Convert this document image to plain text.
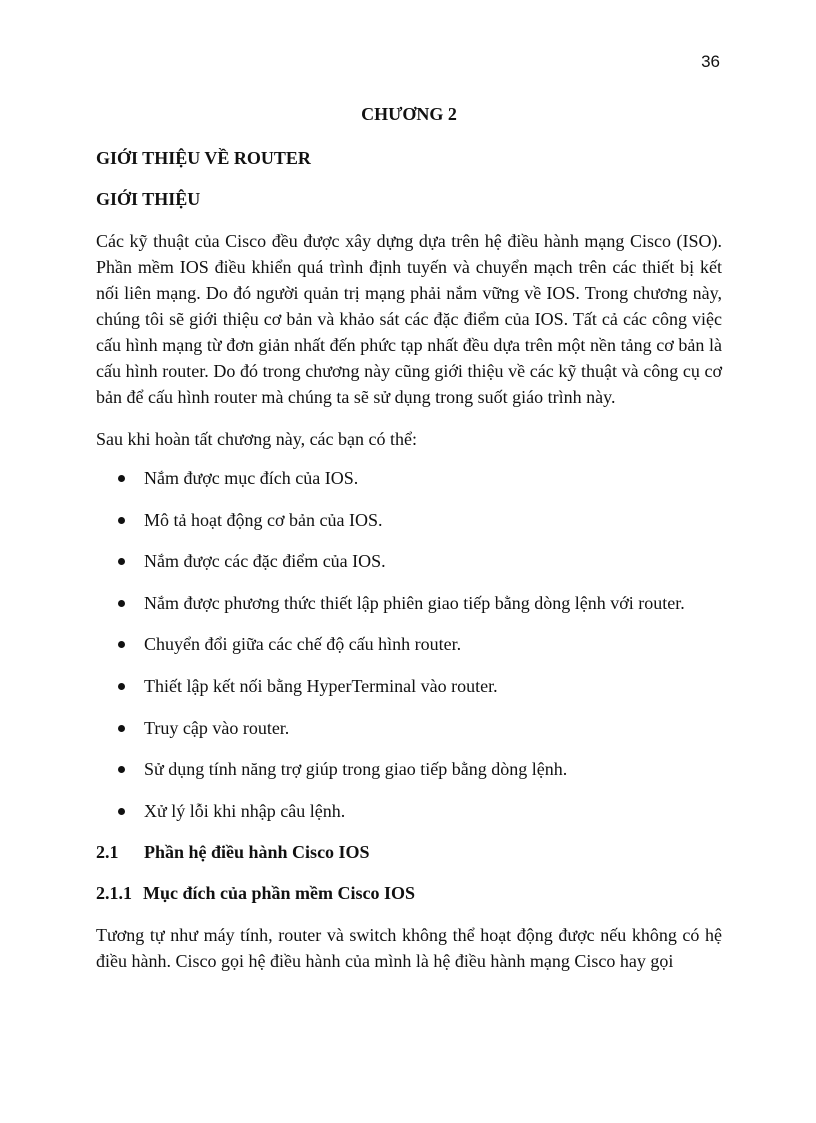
36
CHƯƠNG 2
GIỚI THIỆU VỀ ROUTER
GIỚI THIỆU

Các kỹ thuật của Cisco đều được xây dựng dựa trên hệ điều hành mạng Cisco (ISO). Phần mềm IOS điều khiển quá trình định tuyến và chuyển mạch trên các thiết bị kết nối liên mạng. Do đó người quản trị mạng phải nắm vững về IOS. Trong chương này, chúng tôi sẽ giới thiệu cơ bản và khảo sát các đặc điểm của IOS. Tất cả các công việc cấu hình mạng từ đơn giản nhất đến phức tạp nhất đều dựa trên một nền tảng cơ bản là cấu hình router. Do đó trong chương này cũng giới thiệu về các kỹ thuật và công cụ cơ bản để cấu hình router mà chúng ta sẽ sử dụng trong suốt giáo trình này.

Sau khi hoàn tất chương này, các bạn có thể:

Nắm được mục đích của IOS.
Mô tả hoạt động cơ bản của IOS.
Nắm được các đặc điểm của IOS.
Nắm được phương thức thiết lập phiên giao tiếp bằng dòng lệnh với router.
Chuyển đổi giữa các chế độ cấu hình router.
Thiết lập kết nối bằng HyperTerminal vào router.
Truy cập vào router.
Sử dụng tính năng trợ giúp trong giao tiếp bằng dòng lệnh.
Xử lý lỗi khi nhập câu lệnh.
2.1	Phần hệ điều hành Cisco IOS
2.1.1 Mục đích của phần mềm Cisco IOS

Tương tự như máy tính, router và switch không thể hoạt động được nếu không có hệ điều hành. Cisco gọi hệ điều hành của mình là hệ điều hành mạng Cisco hay gọi
